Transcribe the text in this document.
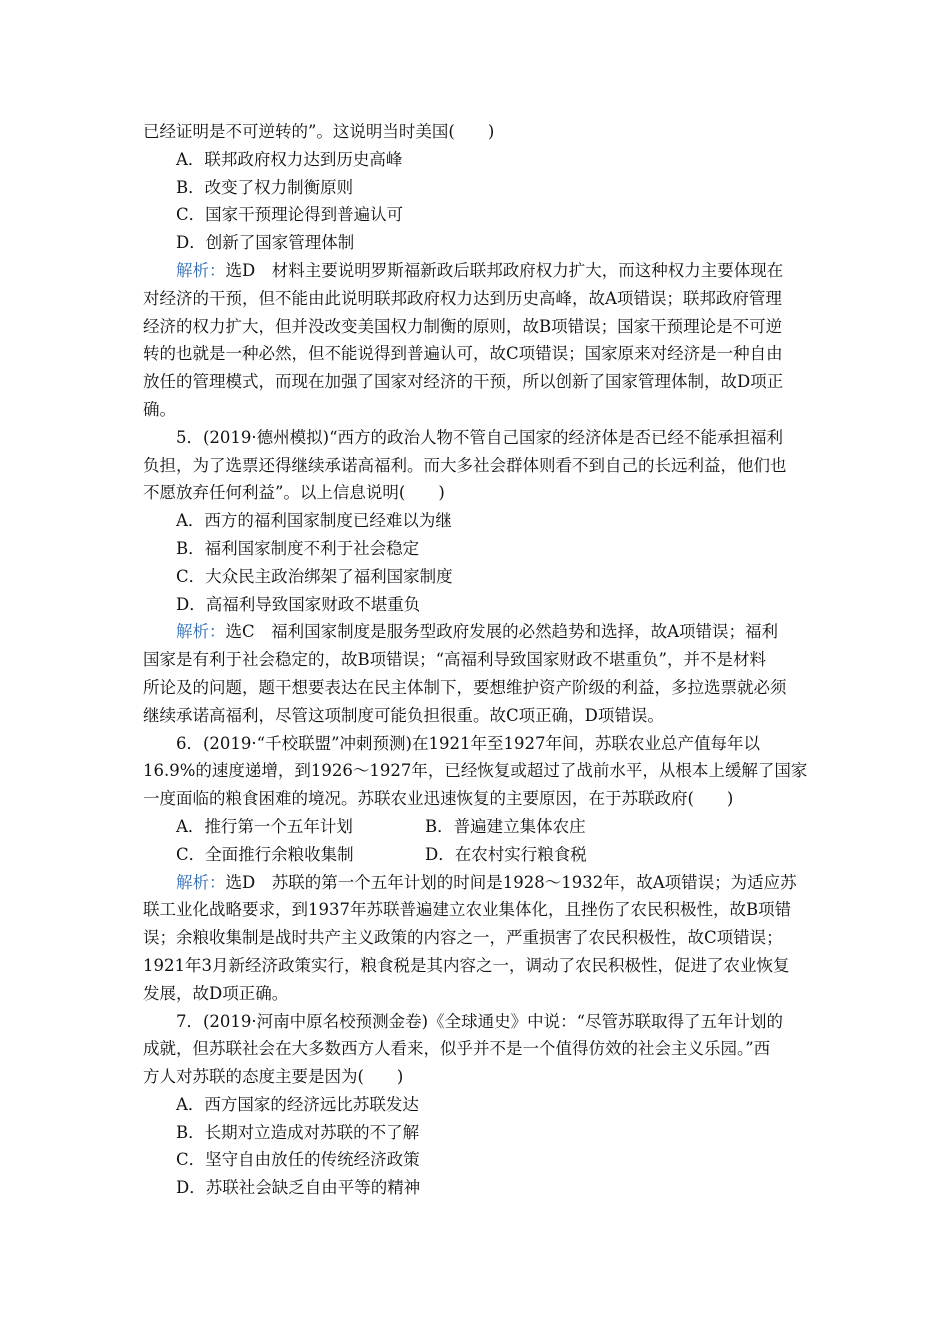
已经证明是不可逆转的”。这说明当时美国(　　)
A．联邦政府权力达到历史高峰
B．改变了权力制衡原则
C．国家干预理论得到普遍认可
D．创新了国家管理体制
解析：选D　材料主要说明罗斯福新政后联邦政府权力扩大，而这种权力主要体现在
对经济的干预，但不能由此说明联邦政府权力达到历史高峰，故A项错误；联邦政府管理
经济的权力扩大，但并没改变美国权力制衡的原则，故B项错误；国家干预理论是不可逆
转的也就是一种必然，但不能说得到普遍认可，故C项错误；国家原来对经济是一种自由
放任的管理模式，而现在加强了国家对经济的干预，所以创新了国家管理体制，故D项正
确。
5．(2019·德州模拟)“西方的政治人物不管自己国家的经济体是否已经不能承担福利
负担，为了选票还得继续承诺高福利。而大多社会群体则看不到自己的长远利益，他们也
不愿放弃任何利益”。以上信息说明(　　)
A．西方的福利国家制度已经难以为继
B．福利国家制度不利于社会稳定
C．大众民主政治绑架了福利国家制度
D．高福利导致国家财政不堪重负
解析：选C　福利国家制度是服务型政府发展的必然趋势和选择，故A项错误；福利
国家是有利于社会稳定的，故B项错误；“高福利导致国家财政不堪重负”，并不是材料
所论及的问题，题干想要表达在民主体制下，要想维护资产阶级的利益，多拉选票就必须
继续承诺高福利，尽管这项制度可能负担很重。故C项正确，D项错误。
6．(2019·“千校联盟”冲刺预测)在1921年至1927年间，苏联农业总产值每年以
16.9%的速度递增，到1926～1927年，已经恢复或超过了战前水平，从根本上缓解了国家
一度面临的粮食困难的境况。苏联农业迅速恢复的主要原因，在于苏联政府(　　)
A．推行第一个五年计划	B．普遍建立集体农庄
C．全面推行余粮收集制	D．在农村实行粮食税
解析：选D　苏联的第一个五年计划的时间是1928～1932年，故A项错误；为适应苏
联工业化战略要求，到1937年苏联普遍建立农业集体化，且挫伤了农民积极性，故B项错
误；余粮收集制是战时共产主义政策的内容之一，严重损害了农民积极性，故C项错误；
1921年3月新经济政策实行，粮食税是其内容之一，调动了农民积极性，促进了农业恢复
发展，故D项正确。
7．(2019·河南中原名校预测金卷)《全球通史》中说：“尽管苏联取得了五年计划的
成就，但苏联社会在大多数西方人看来，似乎并不是一个值得仿效的社会主义乐园。”西
方人对苏联的态度主要是因为(　　)
A．西方国家的经济远比苏联发达
B．长期对立造成对苏联的不了解
C．坚守自由放任的传统经济政策
D．苏联社会缺乏自由平等的精神
